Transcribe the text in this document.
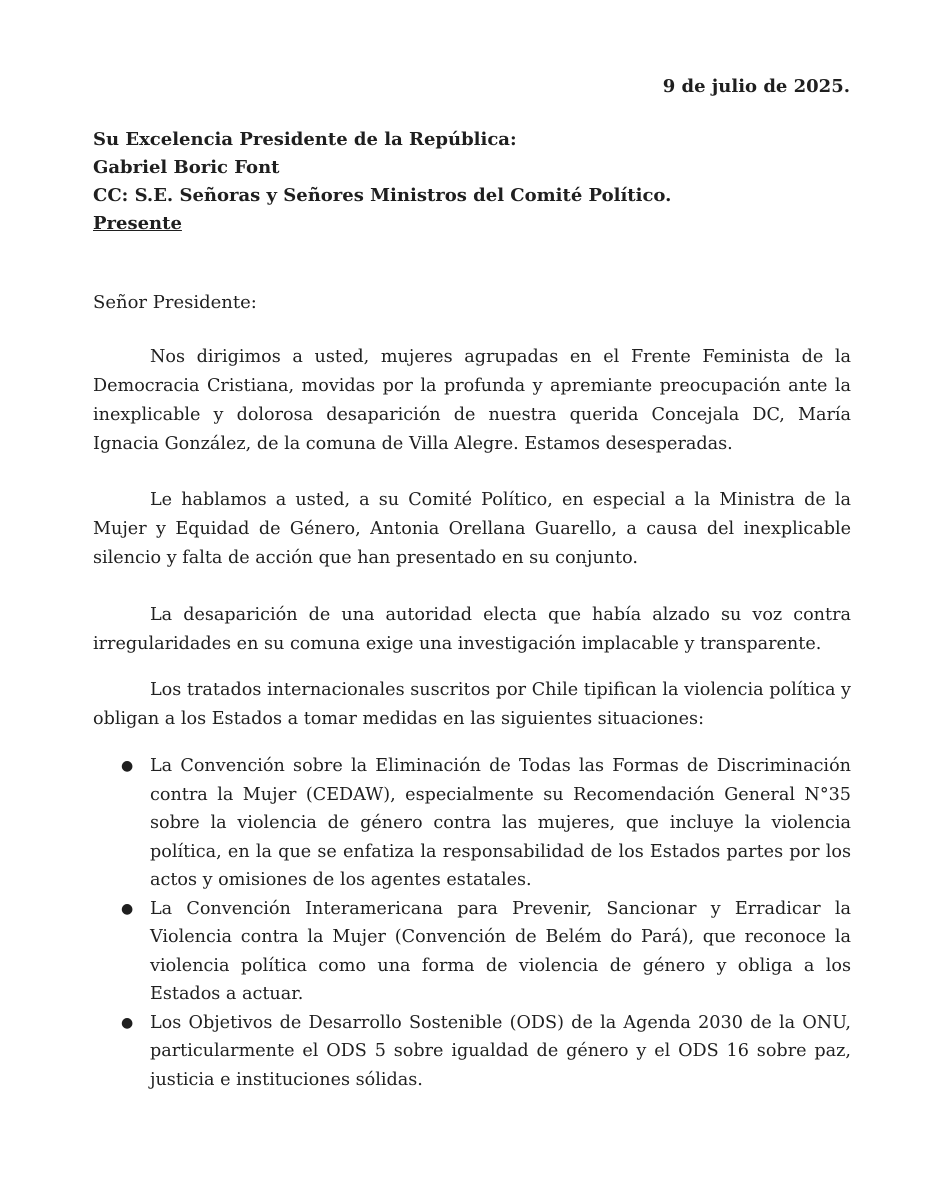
9 de julio de 2025.
Su Excelencia Presidente de la República:
Gabriel Boric Font
CC: S.E. Señoras y Señores Ministros del Comité Político.
Presente
Señor Presidente:

Nos dirigimos a usted, mujeres agrupadas en el Frente Feminista de la Democracia Cristiana, movidas por la profunda y apremiante preocupación ante la inexplicable y dolorosa desaparición de nuestra querida Concejala DC, María Ignacia González, de la comuna de Villa Alegre. Estamos desesperadas.

Le hablamos a usted, a su Comité Político, en especial a la Ministra de la Mujer y Equidad de Género, Antonia Orellana Guarello, a causa del inexplicable silencio y falta de acción que han presentado en su conjunto.

La desaparición de una autoridad electa que había alzado su voz contra irregularidades en su comuna exige una investigación implacable y transparente.

Los tratados internacionales suscritos por Chile tipifican la violencia política y obligan a los Estados a tomar medidas en las siguientes situaciones:

● La Convención sobre la Eliminación de Todas las Formas de Discriminación contra la Mujer (CEDAW), especialmente su Recomendación General N°35 sobre la violencia de género contra las mujeres, que incluye la violencia política, en la que se enfatiza la responsabilidad de los Estados partes por los actos y omisiones de los agentes estatales.
● La Convención Interamericana para Prevenir, Sancionar y Erradicar la Violencia contra la Mujer (Convención de Belém do Pará), que reconoce la violencia política como una forma de violencia de género y obliga a los Estados a actuar.
● Los Objetivos de Desarrollo Sostenible (ODS) de la Agenda 2030 de la ONU, particularmente el ODS 5 sobre igualdad de género y el ODS 16 sobre paz, justicia e instituciones sólidas.
